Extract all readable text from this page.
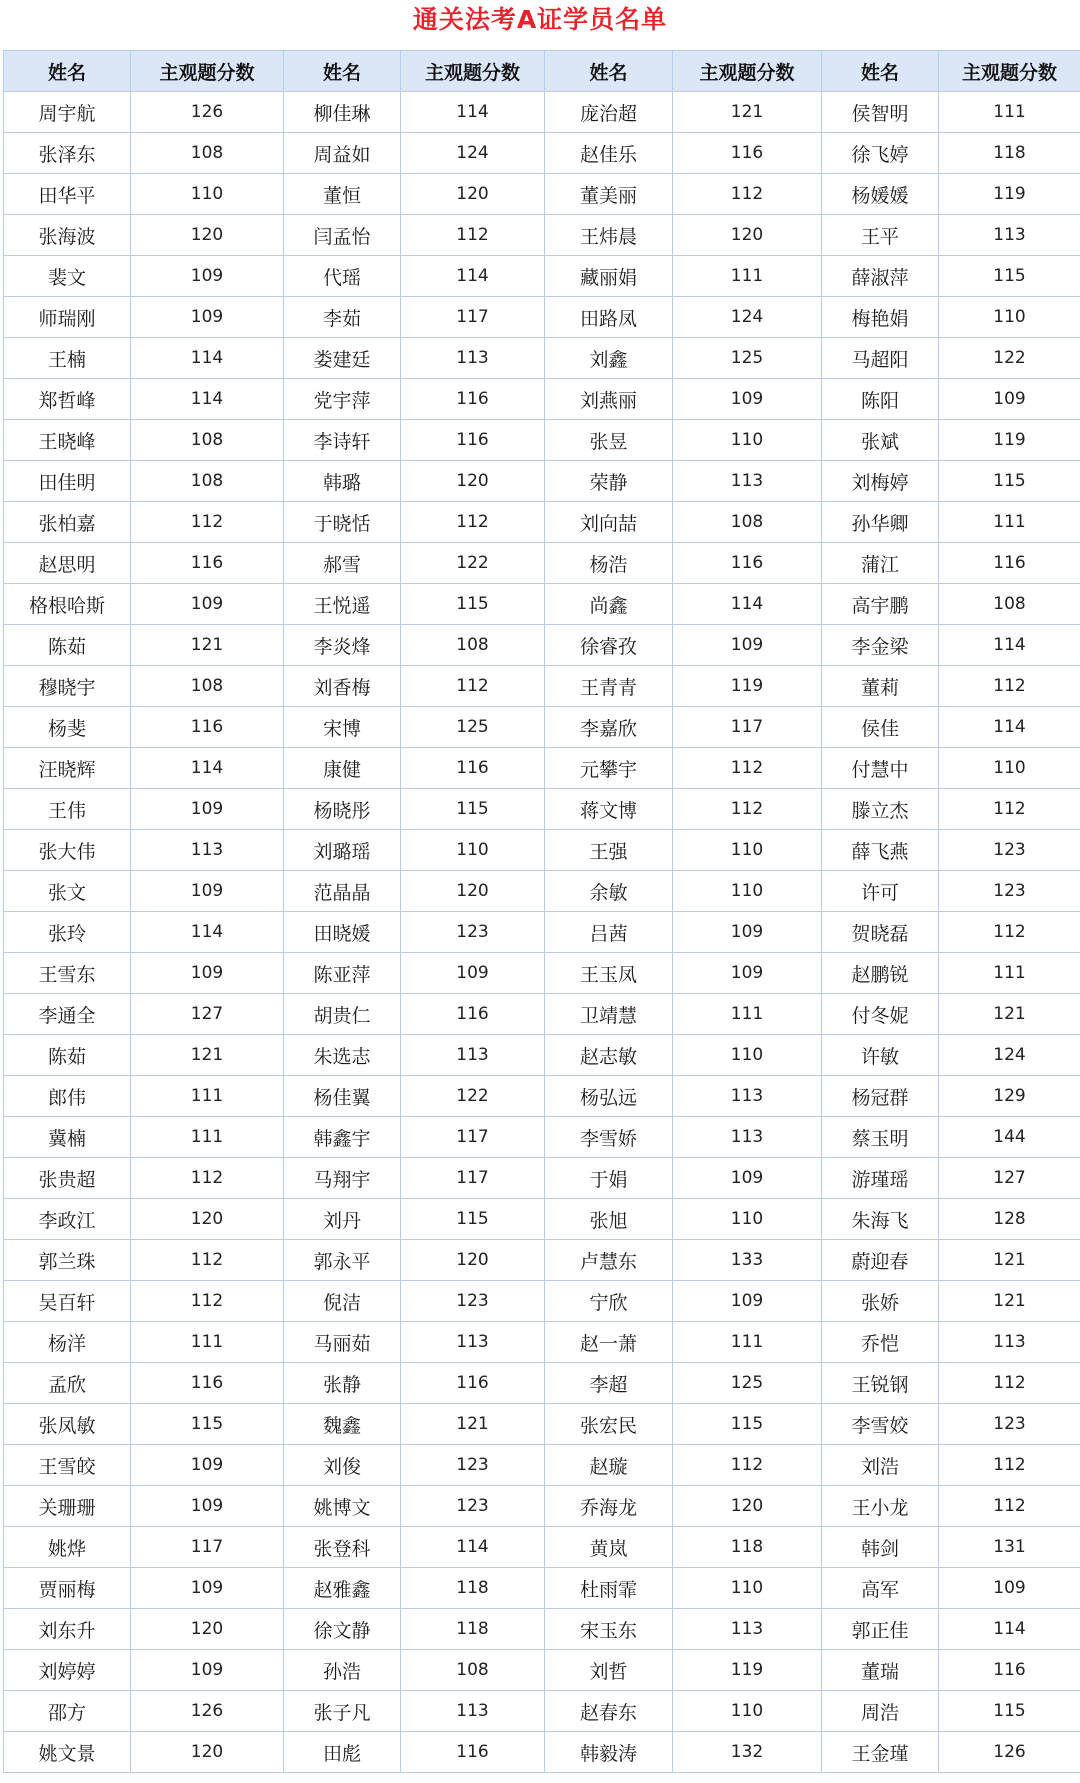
通关法考A证学员名单
姓名	主观题分数	姓名	主观题分数	姓名	主观题分数	姓名	主观题分数
周宇航	126	柳佳琳	114	庞治超	121	侯智明	111
张泽东	108	周益如	124	赵佳乐	116	徐飞婷	118
田华平	110	董恒	120	董美丽	112	杨媛媛	119
张海波	120	闫孟怡	112	王炜晨	120	王平	113
裴文	109	代瑶	114	藏丽娟	111	薛淑萍	115
师瑞刚	109	李茹	117	田路凤	124	梅艳娟	110
王楠	114	娄建廷	113	刘鑫	125	马超阳	122
郑哲峰	114	党宇萍	116	刘燕丽	109	陈阳	109
王晓峰	108	李诗轩	116	张昱	110	张斌	119
田佳明	108	韩璐	120	荣静	113	刘梅婷	115
张柏嘉	112	于晓恬	112	刘向喆	108	孙华卿	111
赵思明	116	郝雪	122	杨浩	116	蒲江	116
格根哈斯	109	王悦遥	115	尚鑫	114	高宇鹏	108
陈茹	121	李炎烽	108	徐睿孜	109	李金梁	114
穆晓宇	108	刘香梅	112	王青青	119	董莉	112
杨斐	116	宋博	125	李嘉欣	117	侯佳	114
汪晓辉	114	康健	116	元攀宇	112	付慧中	110
王伟	109	杨晓彤	115	蒋文博	112	滕立杰	112
张大伟	113	刘璐瑶	110	王强	110	薛飞燕	123
张文	109	范晶晶	120	余敏	110	许可	123
张玲	114	田晓媛	123	吕茜	109	贺晓磊	112
王雪东	109	陈亚萍	109	王玉凤	109	赵鹏锐	111
李通全	127	胡贵仁	116	卫靖慧	111	付冬妮	121
陈茹	121	朱选志	113	赵志敏	110	许敏	124
郎伟	111	杨佳翼	122	杨弘远	113	杨冠群	129
冀楠	111	韩鑫宇	117	李雪娇	113	蔡玉明	144
张贵超	112	马翔宇	117	于娟	109	游瑾瑶	127
李政江	120	刘丹	115	张旭	110	朱海飞	128
郭兰珠	112	郭永平	120	卢慧东	133	蔚迎春	121
吴百轩	112	倪洁	123	宁欣	109	张娇	121
杨洋	111	马丽茹	113	赵一萧	111	乔恺	113
孟欣	116	张静	116	李超	125	王锐钢	112
张凤敏	115	魏鑫	121	张宏民	115	李雪姣	123
王雪皎	109	刘俊	123	赵璇	112	刘浩	112
关珊珊	109	姚博文	123	乔海龙	120	王小龙	112
姚烨	117	张登科	114	黄岚	118	韩剑	131
贾丽梅	109	赵雅鑫	118	杜雨霏	110	高军	109
刘东升	120	徐文静	118	宋玉东	113	郭正佳	114
刘婷婷	109	孙浩	108	刘哲	119	董瑞	116
邵方	126	张子凡	113	赵春东	110	周浩	115
姚文景	120	田彪	116	韩毅涛	132	王金瑾	126
